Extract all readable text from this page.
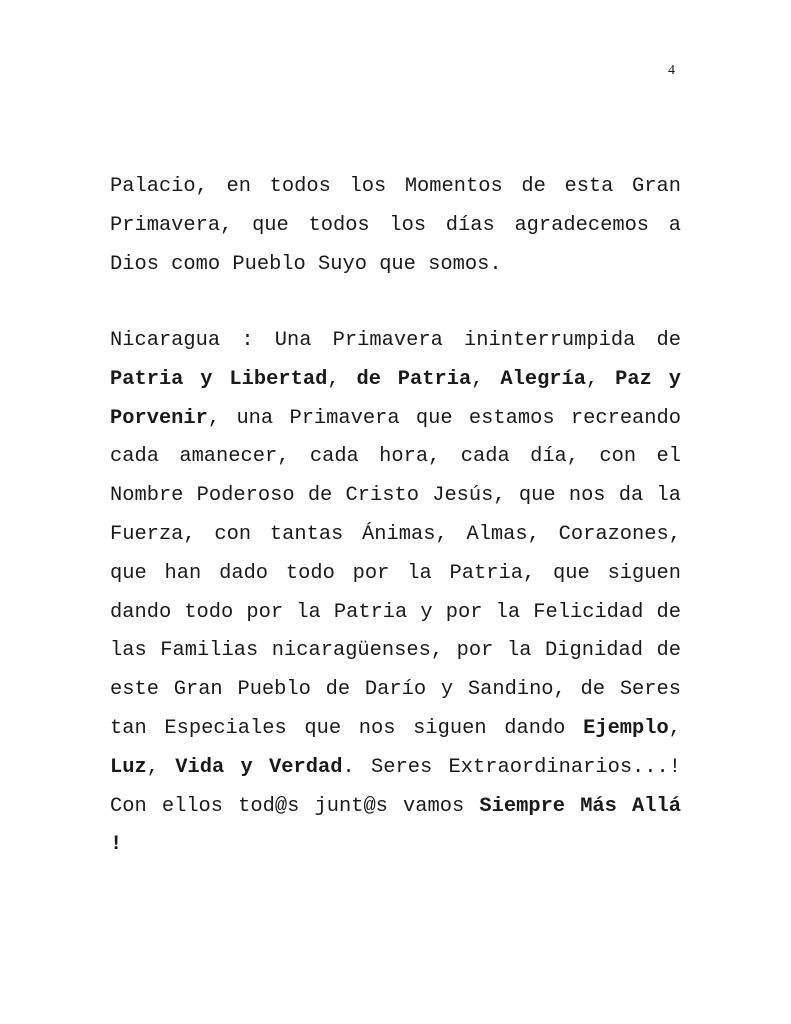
4

Palacio, en todos los Momentos de esta Gran Primavera, que todos los días agradecemos a Dios como Pueblo Suyo que somos.

Nicaragua : Una Primavera ininterrumpida de Patria y Libertad, de Patria, Alegría, Paz y Porvenir, una Primavera que estamos recreando cada amanecer, cada hora, cada día, con el Nombre Poderoso de Cristo Jesús, que nos da la Fuerza, con tantas Ánimas, Almas, Corazones, que han dado todo por la Patria, que siguen dando todo por la Patria y por la Felicidad de las Familias nicaragüenses, por la Dignidad de este Gran Pueblo de Darío y Sandino, de Seres tan Especiales que nos siguen dando Ejemplo, Luz, Vida y Verdad. Seres Extraordinarios...! Con ellos tod@s junt@s vamos Siempre Más Allá !
